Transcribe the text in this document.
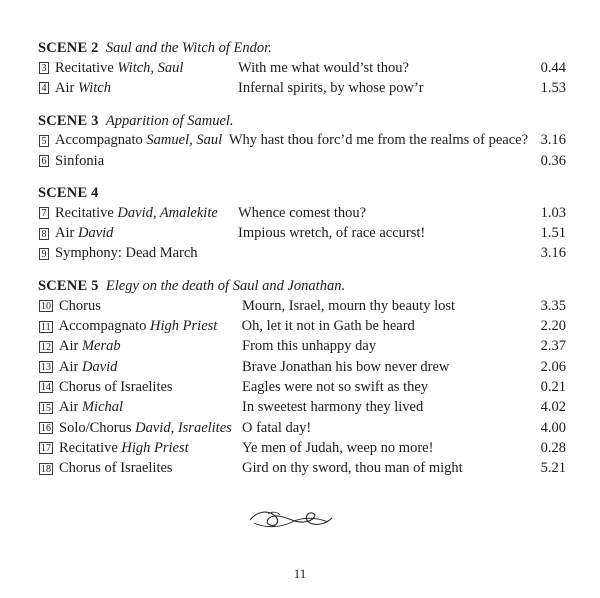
SCENE 2  Saul and the Witch of Endor.
3 Recitative Witch, Saul	With me what would’st thou?	0.44
4 Air Witch	Infernal spirits, by whose pow’r	1.53
SCENE 3  Apparition of Samuel.
5 Accompagnato Samuel, Saul Why hast thou forc’d me from the realms of peace? 3.16
6 Sinfonia	0.36
SCENE 4
7 Recitative David, Amalekite	Whence comest thou?	1.03
8 Air David	Impious wretch, of race accurst!	1.51
9 Symphony: Dead March	3.16
SCENE 5  Elegy on the death of Saul and Jonathan.
10 Chorus	Mourn, Israel, mourn thy beauty lost	3.35
11 Accompagnato High Priest	Oh, let it not in Gath be heard	2.20
12 Air Merab	From this unhappy day	2.37
13 Air David	Brave Jonathan his bow never drew	2.06
14 Chorus of Israelites	Eagles were not so swift as they	0.21
15 Air Michal	In sweetest harmony they lived	4.02
16 Solo/Chorus David, Israelites O fatal day!	4.00
17 Recitative High Priest	Ye men of Judah, weep no more!	0.28
18 Chorus of Israelites	Gird on thy sword, thou man of might	5.21
11
